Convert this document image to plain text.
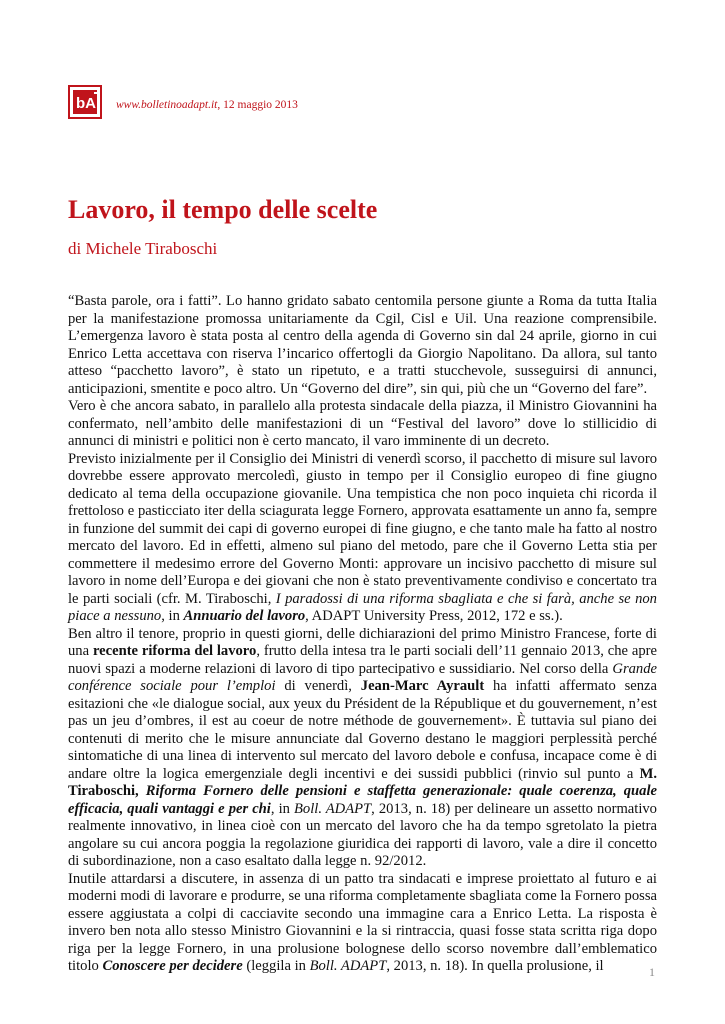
bA www.bolletinoadapt.it, 12 maggio 2013
Lavoro, il tempo delle scelte

di Michele Tiraboschi

“Basta parole, ora i fatti”. Lo hanno gridato sabato centomila persone giunte a Roma da tutta Italia per la manifestazione promossa unitariamente da Cgil, Cisl e Uil. Una reazione comprensibile. L’emergenza lavoro è stata posta al centro della agenda di Governo sin dal 24 aprile, giorno in cui Enrico Letta accettava con riserva l’incarico offertogli da Giorgio Napolitano. Da allora, sul tanto atteso “pacchetto lavoro”, è stato un ripetuto, e a tratti stucchevole, susseguirsi di annunci, anticipazioni, smentite e poco altro. Un “Governo del dire”, sin qui, più che un “Governo del fare”.

Vero è che ancora sabato, in parallelo alla protesta sindacale della piazza, il Ministro Giovannini ha confermato, nell’ambito delle manifestazioni di un “Festival del lavoro” dove lo stillicidio di annunci di ministri e politici non è certo mancato, il varo imminente di un decreto.

Previsto inizialmente per il Consiglio dei Ministri di venerdì scorso, il pacchetto di misure sul lavoro dovrebbe essere approvato mercoledì, giusto in tempo per il Consiglio europeo di fine giugno dedicato al tema della occupazione giovanile. Una tempistica che non poco inquieta chi ricorda il frettoloso e pasticciato iter della sciagurata legge Fornero, approvata esattamente un anno fa, sempre in funzione del summit dei capi di governo europei di fine giugno, e che tanto male ha fatto al nostro mercato del lavoro. Ed in effetti, almeno sul piano del metodo, pare che il Governo Letta stia per commettere il medesimo errore del Governo Monti: approvare un incisivo pacchetto di misure sul lavoro in nome dell’Europa e dei giovani che non è stato preventivamente condiviso e concertato tra le parti sociali (cfr. M. Tiraboschi, I paradossi di una riforma sbagliata e che si farà, anche se non piace a nessuno, in Annuario del lavoro, ADAPT University Press, 2012, 172 e ss.).

Ben altro il tenore, proprio in questi giorni, delle dichiarazioni del primo Ministro Francese, forte di una recente riforma del lavoro, frutto della intesa tra le parti sociali dell’11 gennaio 2013, che apre nuovi spazi a moderne relazioni di lavoro di tipo partecipativo e sussidiario. Nel corso della Grande conférence sociale pour l’emploi di venerdì, Jean-Marc Ayrault ha infatti affermato senza esitazioni che «le dialogue social, aux yeux du Président de la République et du gouvernement, n’est pas un jeu d’ombres, il est au coeur de notre méthode de gouvernement». È tuttavia sul piano dei contenuti di merito che le misure annunciate dal Governo destano le maggiori perplessità perché sintomatiche di una linea di intervento sul mercato del lavoro debole e confusa, incapace come è di andare oltre la logica emergenziale degli incentivi e dei sussidi pubblici (rinvio sul punto a M. Tiraboschi, Riforma Fornero delle pensioni e staffetta generazionale: quale coerenza, quale efficacia, quali vantaggi e per chi, in Boll. ADAPT, 2013, n. 18) per delineare un assetto normativo realmente innovativo, in linea cioè con un mercato del lavoro che ha da tempo sgretolato la pietra angolare su cui ancora poggia la regolazione giuridica dei rapporti di lavoro, vale a dire il concetto di subordinazione, non a caso esaltato dalla legge n. 92/2012.

Inutile attardarsi a discutere, in assenza di un patto tra sindacati e imprese proiettato al futuro e ai moderni modi di lavorare e produrre, se una riforma completamente sbagliata come la Fornero possa essere aggiustata a colpi di cacciavite secondo una immagine cara a Enrico Letta. La risposta è invero ben nota allo stesso Ministro Giovannini e la si rintraccia, quasi fosse stata scritta riga dopo riga per la legge Fornero, in una prolusione bolognese dello scorso novembre dall’emblematico titolo Conoscere per decidere (leggila in Boll. ADAPT, 2013, n. 18). In quella prolusione, il	1
